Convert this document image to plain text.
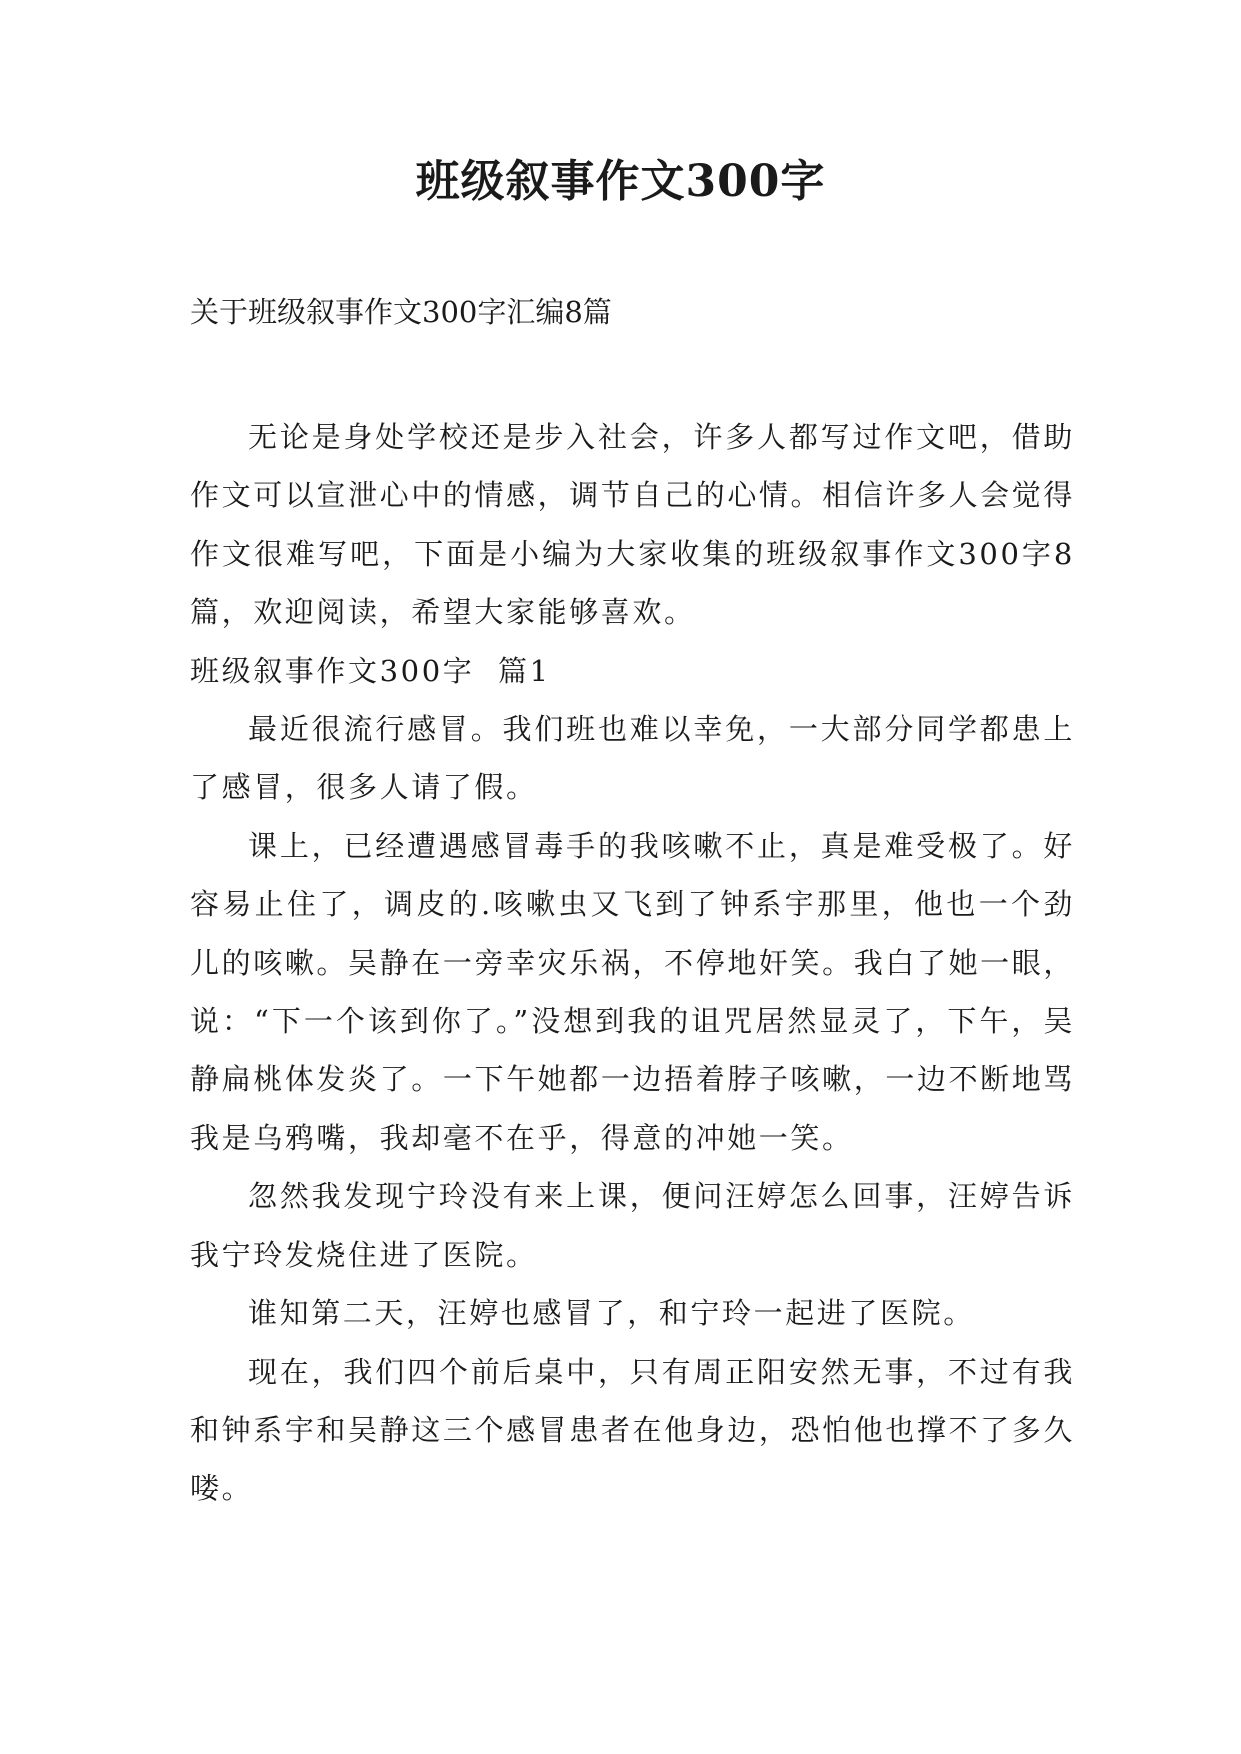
班级叙事作文300字

关于班级叙事作文300字汇编8篇

无论是身处学校还是步入社会，许多人都写过作文吧，借助作文可以宣泄心中的情感，调节自己的心情。相信许多人会觉得作文很难写吧，下面是小编为大家收集的班级叙事作文300字8篇，欢迎阅读，希望大家能够喜欢。

班级叙事作文300字  篇1

最近很流行感冒。我们班也难以幸免，一大部分同学都患上了感冒，很多人请了假。

课上，已经遭遇感冒毒手的我咳嗽不止，真是难受极了。好容易止住了，调皮的.咳嗽虫又飞到了钟系宇那里，他也一个劲儿的咳嗽。吴静在一旁幸灾乐祸，不停地奸笑。我白了她一眼，说：“下一个该到你了。”没想到我的诅咒居然显灵了，下午，吴静扁桃体发炎了。一下午她都一边捂着脖子咳嗽，一边不断地骂我是乌鸦嘴，我却毫不在乎，得意的冲她一笑。

忽然我发现宁玲没有来上课，便问汪婷怎么回事，汪婷告诉我宁玲发烧住进了医院。

谁知第二天，汪婷也感冒了，和宁玲一起进了医院。

现在，我们四个前后桌中，只有周正阳安然无事，不过有我和钟系宇和吴静这三个感冒患者在他身边，恐怕他也撑不了多久喽。
